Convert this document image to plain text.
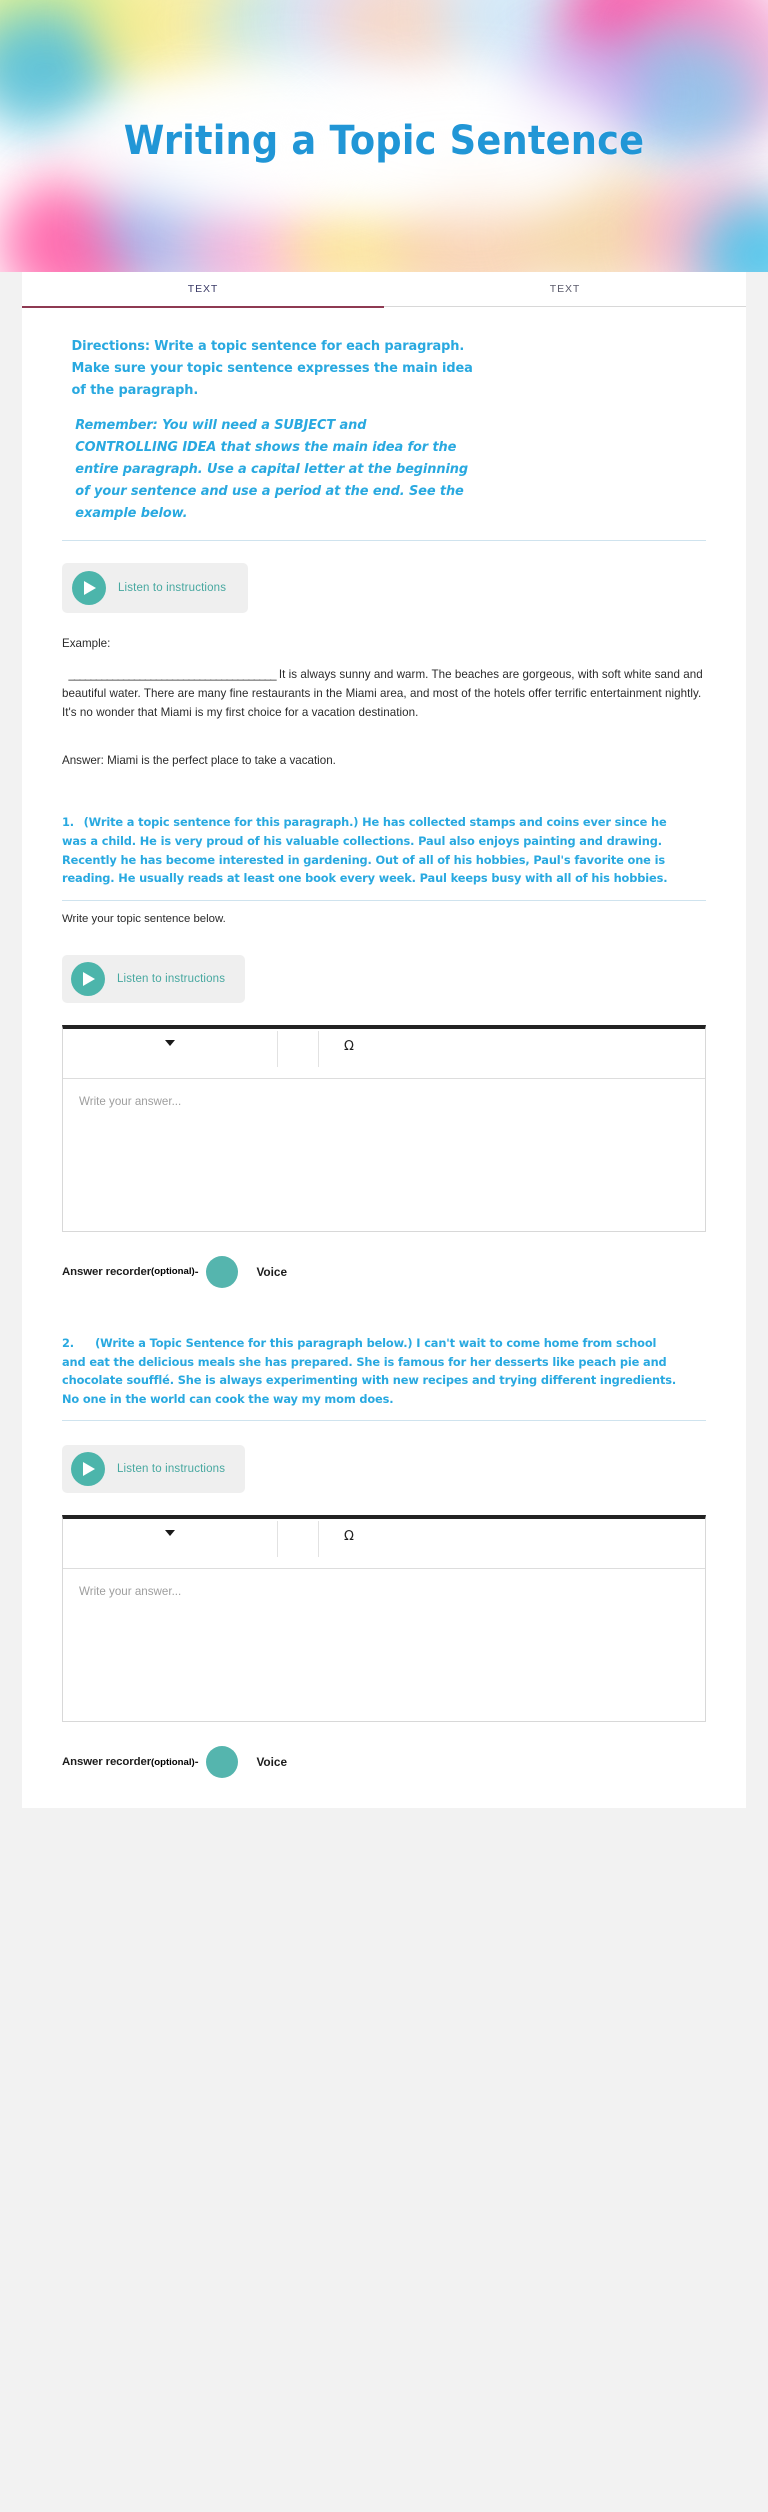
Writing a Topic Sentence
TEXT	TEXT

Directions: Write a topic sentence for each paragraph.

Make sure your topic sentence expresses the main idea

of the paragraph.

Remember: You will need a SUBJECT and

CONTROLLING IDEA that shows the main idea for the

entire paragraph. Use a capital letter at the beginning

of your sentence and use a period at the end. See the

example below.

Listen to instructions

Example:

______________________________________ It is always sunny and warm. The beaches are gorgeous, with soft white sand and beautiful water. There are many fine restaurants in the Miami area, and most of the hotels offer terrific entertainment nightly. It's no wonder that Miami is my first choice for a vacation destination.

Answer: Miami is the perfect place to take a vacation.

1. (Write a topic sentence for this paragraph.) He has collected stamps and coins ever since he was a child. He is very proud of his valuable collections. Paul also enjoys painting and drawing. Recently he has become interested in gardening. Out of all of his hobbies, Paul's favorite one is reading. He usually reads at least one book every week. Paul keeps busy with all of his hobbies.

Write your topic sentence below.

Listen to instructions
Ω
Write your answer...
Answer recorder (optional) -	Voice

2. (Write a Topic Sentence for this paragraph below.) I can't wait to come home from school and eat the delicious meals she has prepared. She is famous for her desserts like peach pie and chocolate soufflé. She is always experimenting with new recipes and trying different ingredients. No one in the world can cook the way my mom does.

Listen to instructions
Ω
Write your answer...
Answer recorder (optional) -	Voice
